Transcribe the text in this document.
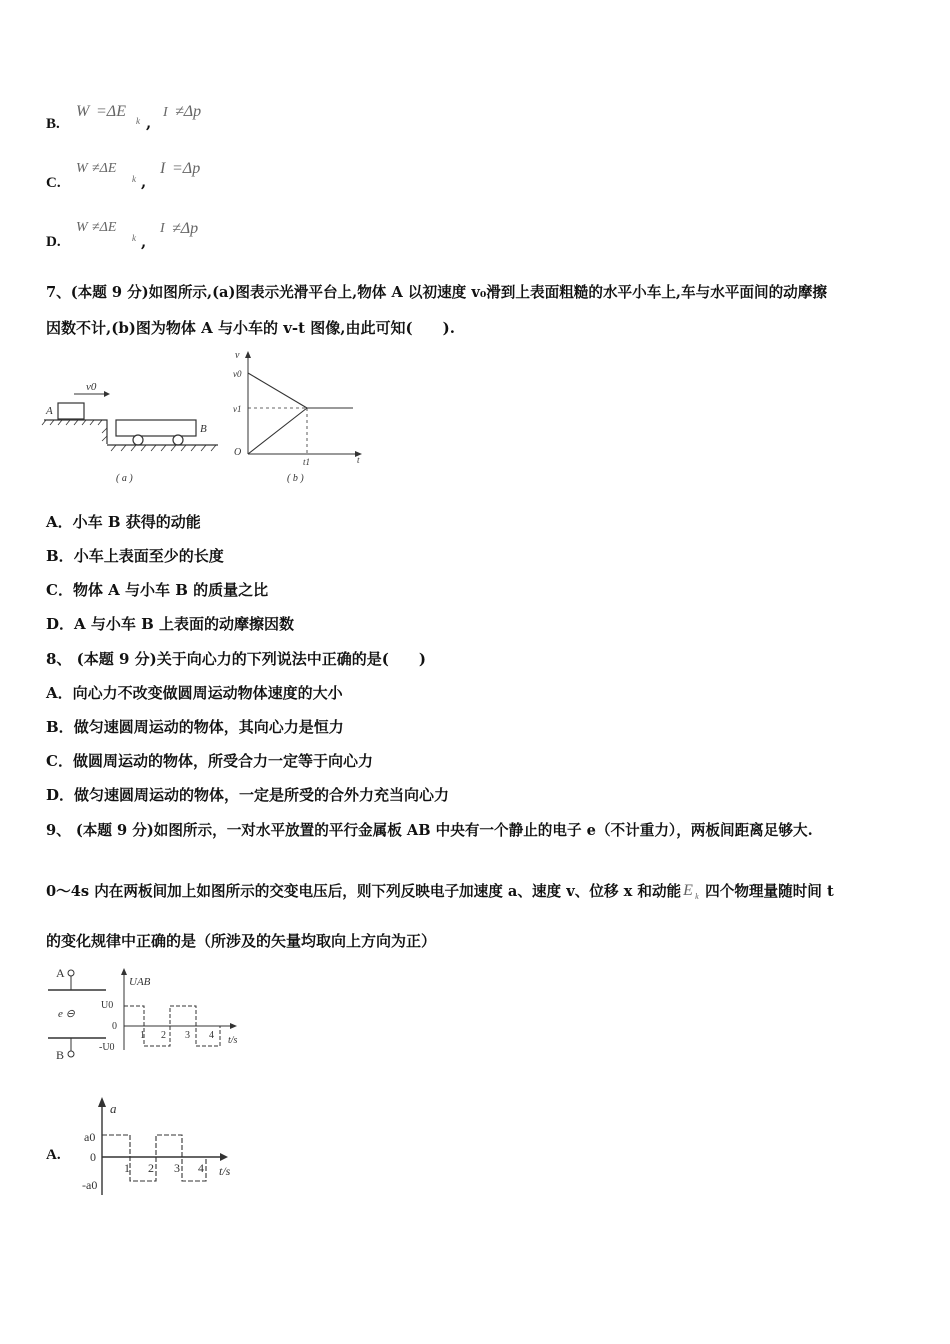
B.
W =ΔE
k ,
I ≠Δp
C.
W ≠ΔE
k ,
I =Δp
D.
W ≠ΔE
k ,
I ≠Δp
7、(本题 9 分)如图所示,(a)图表示光滑平台上,物体 A 以初速度 v₀滑到上表面粗糙的水平小车上,车与水平面间的动摩擦
因数不计,(b)图为物体 A 与小车的 v-t 图像,由此可知(　　).
v0
A
B
( a )
v
v0
v1
O
t1	t
( b )
A．小车 B 获得的动能
B．小车上表面至少的长度
C．物体 A 与小车 B 的质量之比
D．A 与小车 B 上表面的动摩擦因数
8、 (本题 9 分)关于向心力的下列说法中正确的是(　　)
A．向心力不改变做圆周运动物体速度的大小
B．做匀速圆周运动的物体，其向心力是恒力
C．做圆周运动的物体，所受合力一定等于向心力
D．做匀速圆周运动的物体，一定是所受的合外力充当向心力
9、 (本题 9 分)如图所示，一对水平放置的平行金属板 AB 中央有一个静止的电子 e（不计重力），两板间距离足够大.
0～4s 内在两板间加上如图所示的交变电压后，则下列反映电子加速度 a、速度 v、位移 x 和动能 E k 四个物理量随时间 t
的变化规律中正确的是（所涉及的矢量均取向上方向为正）
A
e ⊖
B
UAB
U0
0
-U0
1 2 3 4 t/s
A.
a
a0
0
-a0
1 2 3 4 t/s
